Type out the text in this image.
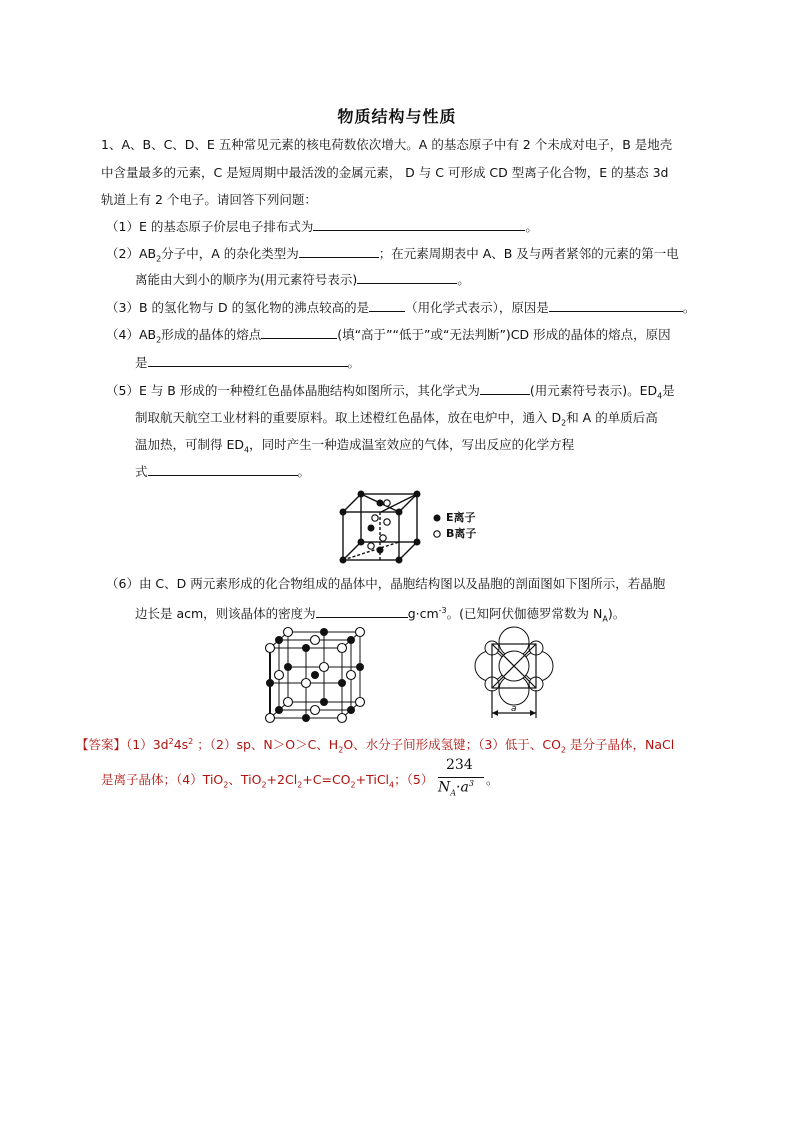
物质结构与性质
1、A、B、C、D、E 五种常见元素的核电荷数依次增大。A 的基态原子中有 2 个未成对电子，B 是地壳
中含量最多的元素，C 是短周期中最活泼的金属元素， D 与 C 可形成 CD 型离子化合物，E 的基态 3d
轨道上有 2 个电子。请回答下列问题：
（1）E 的基态原子价层电子排布式为	。
$(2)AB_2$分子中，A 的杂化类型为	；在元素周期表中 A、B 及与两者紧邻的元素的第一电
离能由大到小的顺序为(用元素符号表示)	。
（3）B 的氢化物与 D 的氢化物的沸点较高的是	（用化学式表示），原因是	。
$(4)AB_2$形成的晶体的熔点	(填“高于”“低于”或“无法判断”)CD 形成的晶体的熔点，原因
是	。
（5）E 与 B 形成的一种橙红色晶体晶胞结构如图所示，其化学式为	(用元素符号表示)。$ED_4$是
制取航天航空工业材料的重要原料。取上述橙红色晶体，放在电炉中，通入 $D_2$和 A 的单质后高
温加热，可制得 $ED_4$，同时产生一种造成温室效应的气体，写出反应的化学方程
式	。
E离子
B离子
（6）由 C、D 两元素形成的化合物组成的晶体中，晶胞结构图以及晶胞的剖面图如下图所示，若晶胞
边长是 acm，则该晶体的密度为	$g\cdot cm^{-3}$。(已知阿伏伽德罗常数为 $N_A$)。
a
【答案】$(1)3d^24s^2$ ；（2）sp、N＞O＞C、$H_2O$、水分子间形成氢键；（3）低于、$CO_2$ 是分子晶体，NaCl
是离子晶体；（4）TiO$_2$、$TiO_2+2Cl_2+C=CO_2+TiCl_4$；（5）
234
$N_A\cdot a^3$ 。
